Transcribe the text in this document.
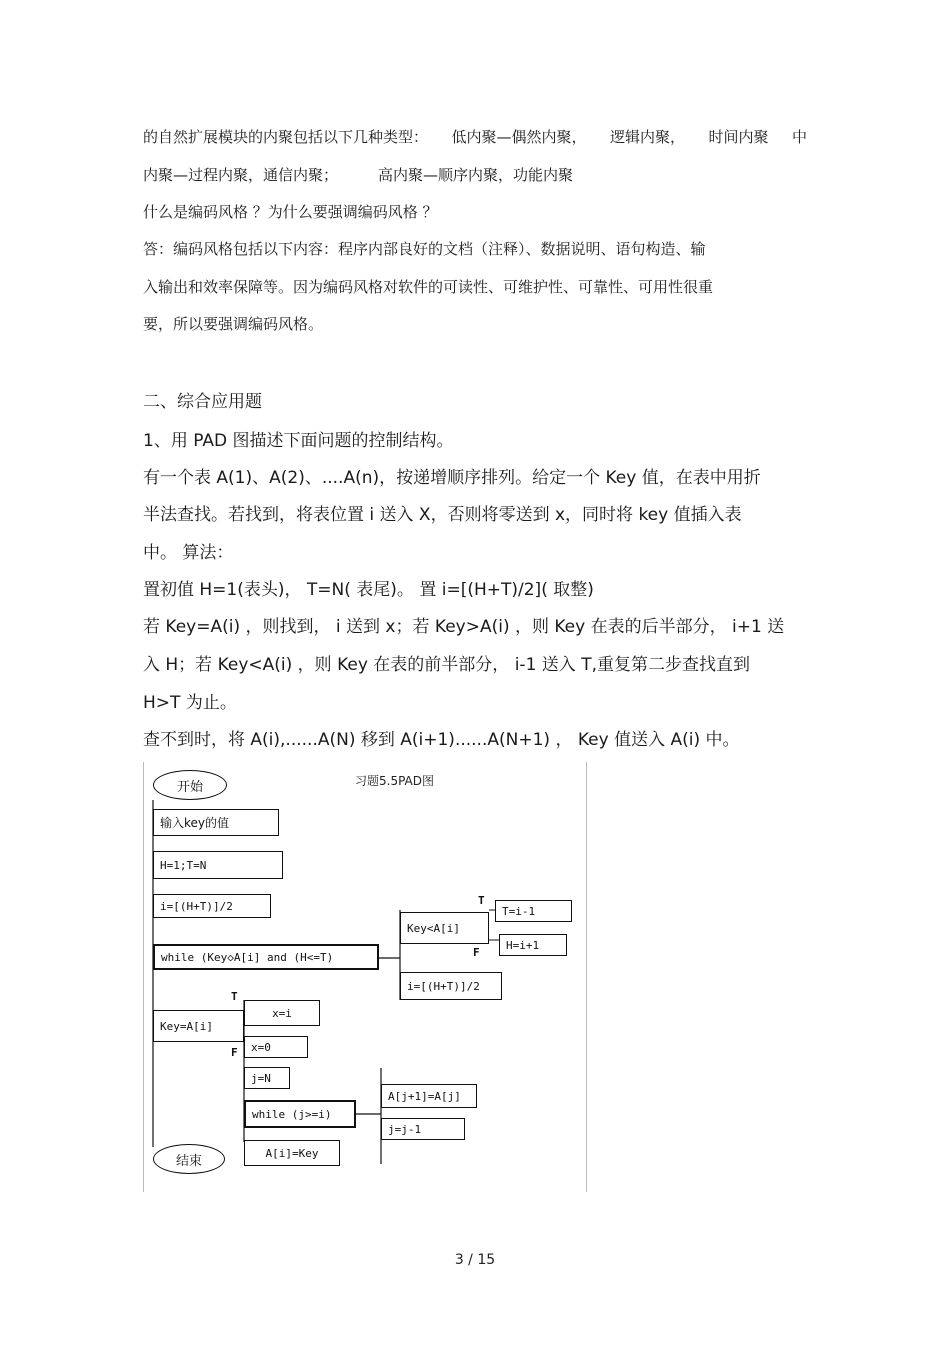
的自然扩展模块的内聚包括以下几种类型： 低内聚—偶然内聚， 逻辑内聚， 时间内聚 中
内聚—过程内聚，通信内聚；	高内聚—顺序内聚，功能内聚
什么是编码风格 ？为什么要强调编码风格 ？
答：编码风格包括以下内容：程序内部良好的文档（注释）、数据说明、语句构造、输
入输出和效率保障等。因为编码风格对软件的可读性、可维护性、可靠性、可用性很重
要，所以要强调编码风格。
二、综合应用题
1、用 PAD 图描述下面问题的控制结构。
有一个表 A(1)、A(2)、....A(n)，按递增顺序排列。给定一个 Key 值，在表中用折
半法查找。若找到，将表位置 i 送入 X，否则将零送到 x，同时将 key 值插入表
中。 算法：
置初值 H=1(表头)， T=N( 表尾)。 置 i=[(H+T)/2]( 取整)
若 Key=A(i) ，则找到， i 送到 x；若 Key>A(i) ，则 Key 在表的后半部分， i+1 送
入 H；若 Key<A(i) ，则 Key 在表的前半部分， i-1 送入 T,重复第二步查找直到
H>T 为止。
查不到时，将 A(i),......A(N) 移到 A(i+1)......A(N+1) ， Key 值送入 A(i) 中。
习题5.5PAD图
开始
输入key的值
H=1;T=N
i=[(H+T)]/2
while (Key◇A[i] and (H<=T)
Key<A[i]
T
F
T=i-1
H=i+1
i=[(H+T)]/2
Key=A[i]
T
F
x=i
x=0
j=N
while (j>=i)
A[j+1]=A[j]
j=j-1
A[i]=Key
结束
3 / 15
